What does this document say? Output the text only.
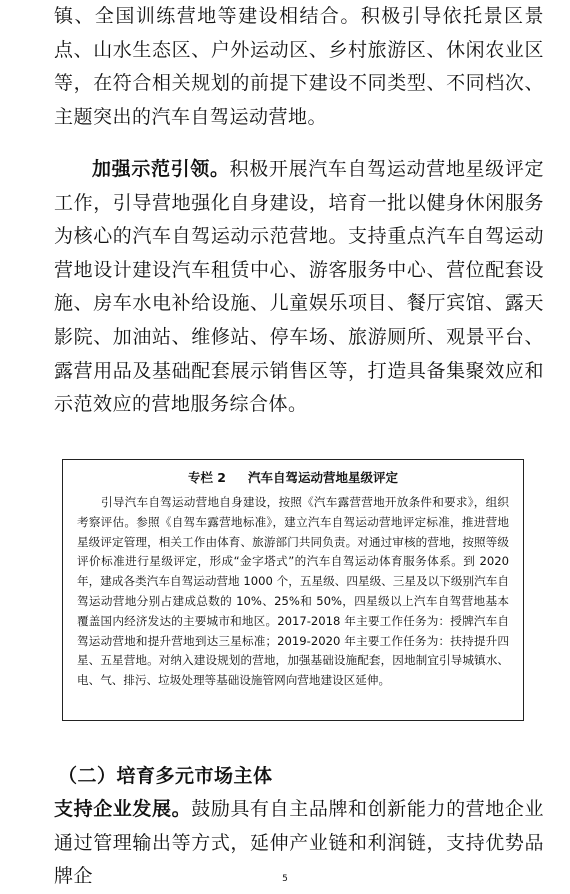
镇、全国训练营地等建设相结合。积极引导依托景区景点、山水生态区、户外运动区、乡村旅游区、休闲农业区等，在符合相关规划的前提下建设不同类型、不同档次、主题突出的汽车自驾运动营地。

加强示范引领。积极开展汽车自驾运动营地星级评定工作，引导营地强化自身建设，培育一批以健身休闲服务为核心的汽车自驾运动示范营地。支持重点汽车自驾运动营地设计建设汽车租赁中心、游客服务中心、营位配套设施、房车水电补给设施、儿童娱乐项目、餐厅宾馆、露天影院、加油站、维修站、停车场、旅游厕所、观景平台、露营用品及基础配套展示销售区等，打造具备集聚效应和示范效应的营地服务综合体。

专栏 2 汽车自驾运动营地星级评定

引导汽车自驾运动营地自身建设，按照《汽车露营营地开放条件和要求》，组织考察评估。参照《自驾车露营地标准》，建立汽车自驾运动营地评定标准，推进营地星级评定管理，相关工作由体育、旅游部门共同负责。对通过审核的营地，按照等级评价标准进行星级评定，形成“金字塔式”的汽车自驾运动体育服务体系。到 2020 年，建成各类汽车自驾运动营地 1000 个，五星级、四星级、三星及以下级别汽车自驾运动营地分别占建成总数的 10%、25%和 50%，四星级以上汽车自驾营地基本覆盖国内经济发达的主要城市和地区。2017-2018 年主要工作任务为：授牌汽车自驾运动营地和提升营地到达三星标准；2019-2020 年主要工作任务为：扶持提升四星、五星营地。对纳入建设规划的营地，加强基础设施配套，因地制宜引导城镇水、电、气、排污、垃圾处理等基础设施管网向营地建设区延伸。

（二）培育多元市场主体

支持企业发展。鼓励具有自主品牌和创新能力的营地企业通过管理输出等方式，延伸产业链和利润链，支持优势品牌企	5
